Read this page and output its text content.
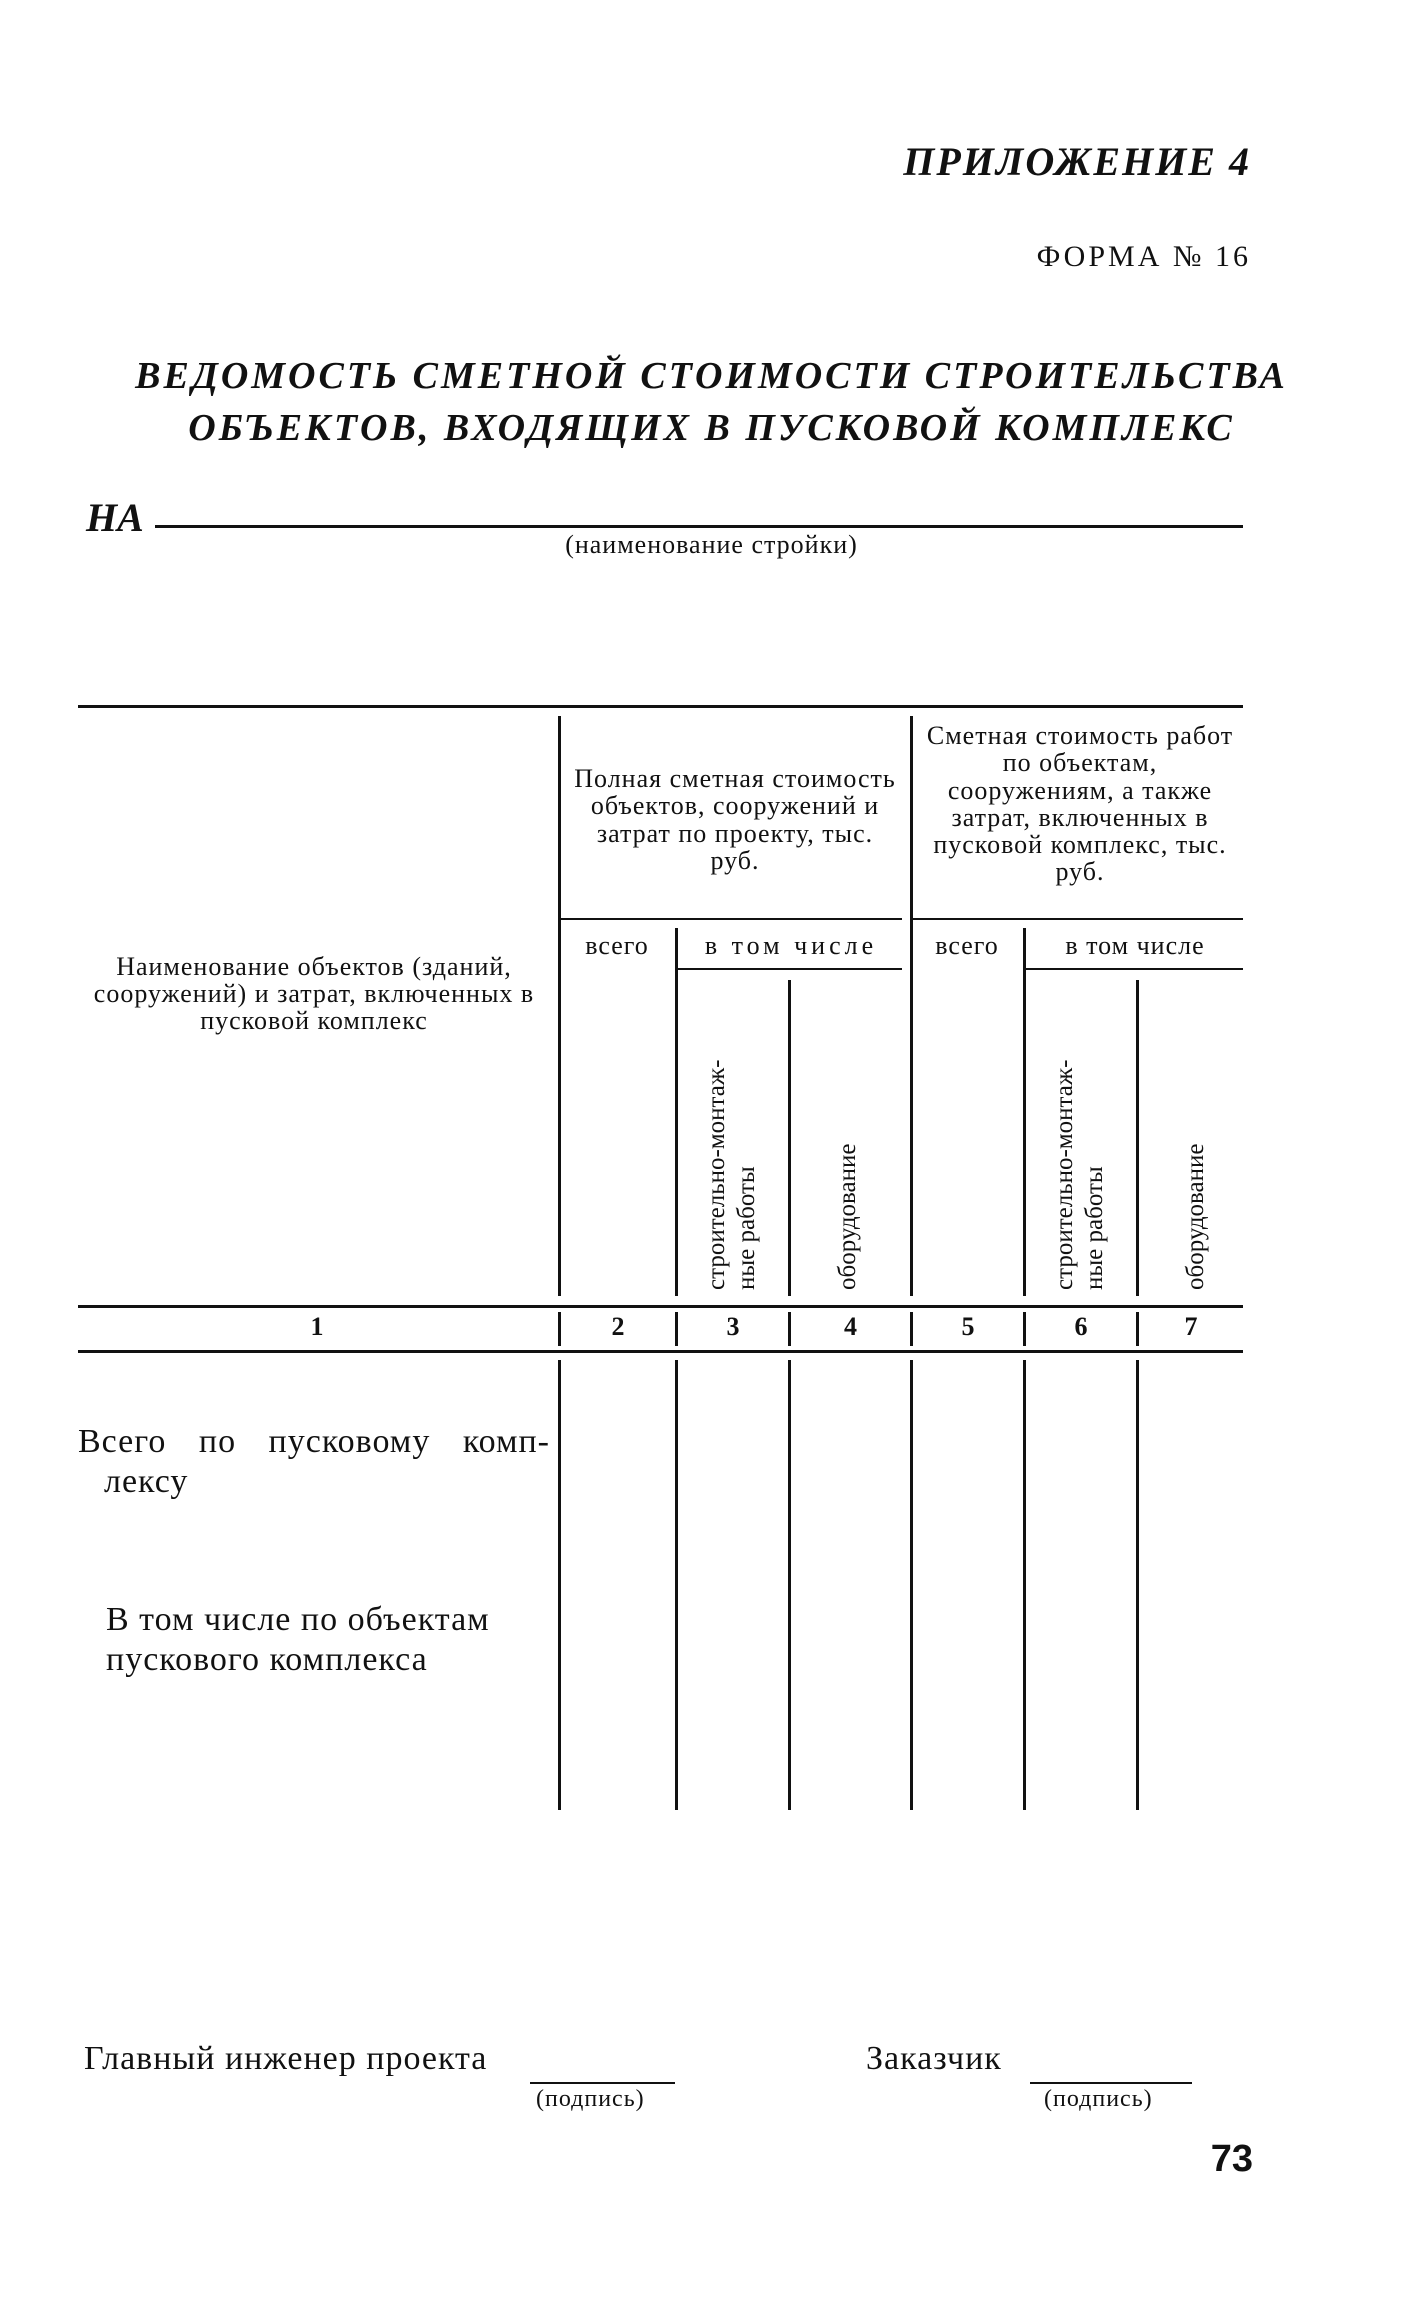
ПРИЛОЖЕНИЕ 4
ФОРМА № 16
ВЕДОМОСТЬ СМЕТНОЙ СТОИМОСТИ СТРОИТЕЛЬСТВА
ОБЪЕКТОВ, ВХОДЯЩИХ В ПУСКОВОЙ КОМПЛЕКС
НА
(наименование стройки)
Наименование объектов (зданий, сооружений) и затрат, включенных в пусковой комплекс
Полная сметная стоимость объектов, сооружений и затрат по проекту, тыс. руб.
Сметная стоимость работ по объектам, сооружениям, а также затрат, включенных в пусковой комплекс, тыс. руб.
всего	в том числе	всего	в том числе
строительно-монтаж- ные работы	оборудование	строительно-монтаж- ные работы	оборудование
1	2	3	4	5	6	7
Всего по пусковому комп-
лексу
В том числе по объектам
пускового комплекса
Главный инженер проекта
(подпись)
Заказчик
(подпись)
73
